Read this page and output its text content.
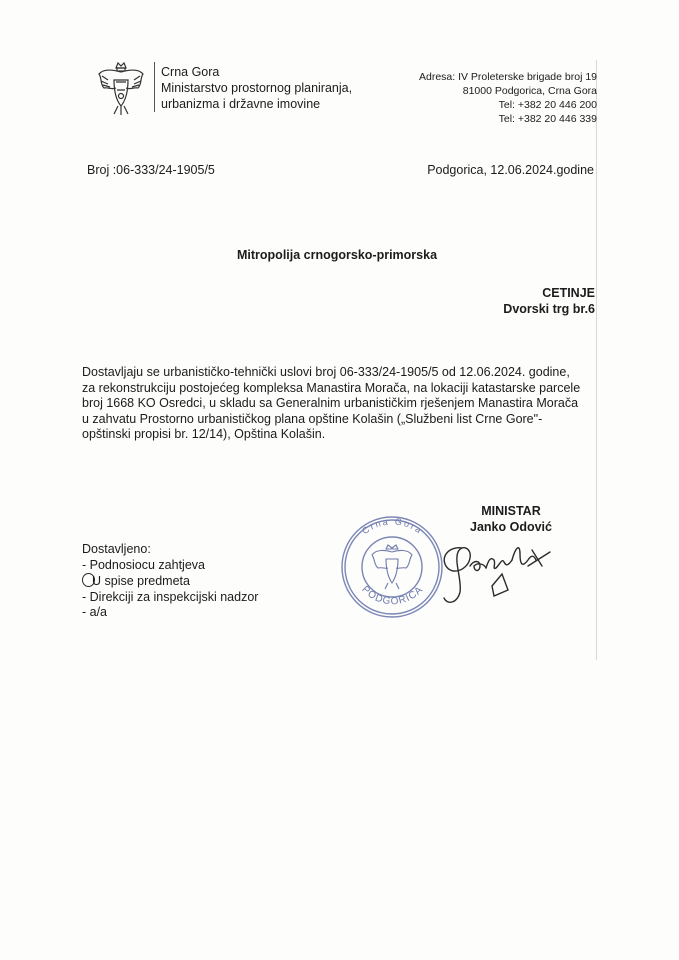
Crna Gora
Ministarstvo prostornog planiranja,
urbanizma i državne imovine
Adresa: IV Proleterske brigade broj 19
81000 Podgorica, Crna Gora
Tel: +382 20 446 200
Tel: +382 20 446 339
Broj :06-333/24-1905/5	Podgorica, 12.06.2024.godine
Mitropolija crnogorsko-primorska
CETINJE
Dvorski trg br.6
Dostavljaju se urbanističko-tehnički uslovi broj 06-333/24-1905/5 od 12.06.2024. godine,
za rekonstrukciju postojećeg kompleksa Manastira Morača, na lokaciji katastarske parcele
broj 1668 KO Osredci, u skladu sa Generalnim urbanističkim rješenjem Manastira Morača
u zahvatu Prostorno urbanističkog plana opštine Kolašin („Službeni list Crne Gore"-
opštinski propisi br. 12/14), Opština Kolašin.
MINISTAR
Janko Odović
Dostavljeno:
- Podnosiocu zahtjeva
U spise predmeta
- Direkciji za inspekcijski nadzor
- a/a
Crna Gora
PODGORICA
